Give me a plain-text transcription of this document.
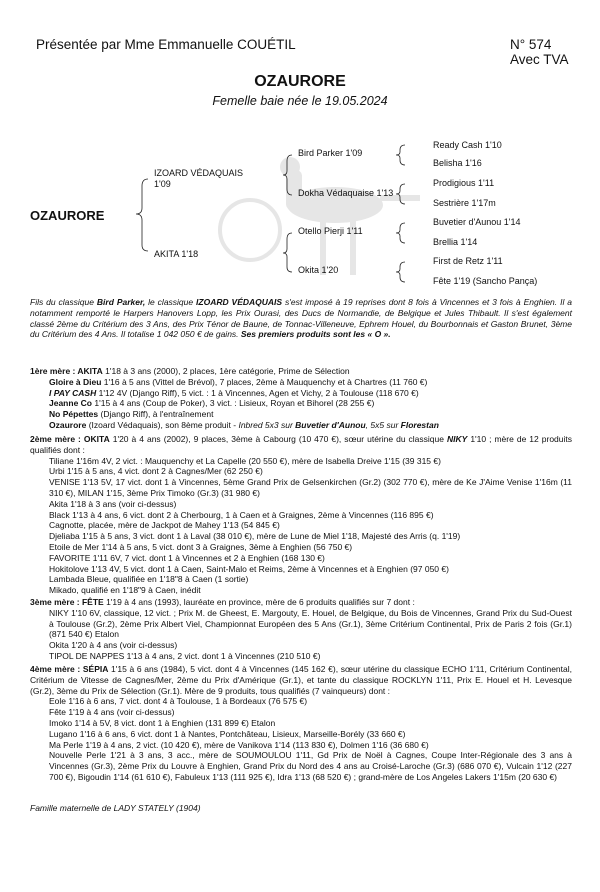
Présentée par Mme Emmanuelle COUÉTIL	N° 574
Avec TVA
OZAURORE
Femelle baie née le 19.05.2024
OZAURORE
IZOARD VÉDAQUAIS
1'09
AKITA 1'18
Bird Parker 1'09
Dokha Védaquaise 1'13
Otello Pierji 1'11
Okita 1'20
Ready Cash 1'10
Belisha 1'16
Prodigious 1'11
Sestrière 1'17m
Buvetier d'Aunou 1'14
Brellia 1'14
First de Retz 1'11
Fête 1'19 (Sancho Pança)
Fils du classique Bird Parker, le classique IZOARD VÉDAQUAIS s'est imposé à 19 reprises dont 8 fois à Vincennes et 3 fois à Enghien. Il a notamment remporté le Harpers Hanovers Lopp, les Prix Ourasi, des Ducs de Normandie, de Belgique et Jules Thibault. Il s'est également classé 2ème du Critérium des 3 Ans, des Prix Ténor de Baune, de Tonnac-Villeneuve, Ephrem Houel, du Bourbonnais et Gaston Brunet, 3ème du Critérium des 4 Ans. Il totalise 1 042 050 € de gains. Ses premiers produits sont les « O ».

1ère mère : AKITA 1'18 à 3 ans (2000), 2 places, 1ère catégorie, Prime de Sélection

Gloire à Dieu 1'16 à 5 ans (Vittel de Brévol), 7 places, 2ème à Mauquenchy et à Chartres (11 760 €)

I PAY CASH 1'12 4V (Django Riff), 5 vict. : 1 à Vincennes, Agen et Vichy, 2 à Toulouse (118 670 €)

Jeanne Co 1'15 à 4 ans (Coup de Poker), 3 vict. : Lisieux, Royan et Bihorel (28 255 €)

No Pépettes (Django Riff), à l'entraînement

Ozaurore (Izoard Védaquais), son 8ème produit - Inbred 5x3 sur Buvetier d'Aunou, 5x5 sur Florestan

2ème mère : OKITA 1'20 à 4 ans (2002), 9 places, 3ème à Cabourg (10 470 €), sœur utérine du classique NIKY 1'10 ; mère de 12 produits qualifiés dont :

Tiliane 1'16m 4V, 2 vict. : Mauquenchy et La Capelle (20 550 €), mère de Isabella Dreive 1'15 (39 315 €)

Urbi 1'15 à 5 ans, 4 vict. dont 2 à Cagnes/Mer (62 250 €)

VENISE 1'13 5V, 17 vict. dont 1 à Vincennes, 5ème Grand Prix de Gelsenkirchen (Gr.2) (302 770 €), mère de Ke J'Aime Venise 1'16m (11 310 €), MILAN 1'15, 3ème Prix Timoko (Gr.3) (31 980 €)

Akita 1'18 à 3 ans (voir ci-dessus)

Black 1'13 à 4 ans, 6 vict. dont 2 à Cherbourg, 1 à Caen et à Graignes, 2ème à Vincennes (116 895 €)

Cagnotte, placée, mère de Jackpot de Mahey 1'13 (54 845 €)

Djeliaba 1'15 à 5 ans, 3 vict. dont 1 à Laval (38 010 €), mère de Lune de Miel 1'18, Majesté des Arris (q. 1'19)

Etoile de Mer 1'14 à 5 ans, 5 vict. dont 3 à Graignes, 3ème à Enghien (56 750 €)

FAVORITE 1'11 6V, 7 vict. dont 1 à Vincennes et 2 à Enghien (168 130 €)

Hokitolove 1'13 4V, 5 vict. dont 1 à Caen, Saint-Malo et Reims, 2ème à Vincennes et à Enghien (97 050 €)

Lambada Bleue, qualifiée en 1'18"8 à Caen (1 sortie)

Mikado, qualifié en 1'18"9 à Caen, inédit

3ème mère : FÊTE 1'19 à 4 ans (1993), lauréate en province, mère de 6 produits qualifiés sur 7 dont :

NIKY 1'10 6V, classique, 12 vict. ; Prix M. de Gheest, E. Margouty, E. Houel, de Belgique, du Bois de Vincennes, Grand Prix du Sud-Ouest à Toulouse (Gr.2), 2ème Prix Albert Viel, Championnat Européen des 5 Ans (Gr.1), 3ème Critérium Continental, Prix de Paris 2 fois (Gr.1) (871 540 €) Etalon

Okita 1'20 à 4 ans (voir ci-dessus)

TIPOL DE NAPPES 1'13 à 4 ans, 2 vict. dont 1 à Vincennes (210 510 €)

4ème mère : SÉPIA 1'15 à 6 ans (1984), 5 vict. dont 4 à Vincennes (145 162 €), sœur utérine du classique ECHO 1'11, Critérium Continental, Critérium de Vitesse de Cagnes/Mer, 2ème du Prix d'Amérique (Gr.1), et tante du classique ROCKLYN 1'11, Prix E. Houel et H. Levesque (Gr.2), 3ème du Prix de Sélection (Gr.1). Mère de 9 produits, tous qualifiés (7 vainqueurs) dont :

Eole 1'16 à 6 ans, 7 vict. dont 4 à Toulouse, 1 à Bordeaux (76 575 €)

Fête 1'19 à 4 ans (voir ci-dessus)

Imoko 1'14 à 5V, 8 vict. dont 1 à Enghien (131 899 €) Etalon

Lugano 1'16 à 6 ans, 6 vict. dont 1 à Nantes, Pontchâteau, Lisieux, Marseille-Borély (33 660 €)

Ma Perle 1'19 à 4 ans, 2 vict. (10 420 €), mère de Vanikova 1'14 (113 830 €), Dolmen 1'16 (36 680 €)

Nouvelle Perle 1'21 à 3 ans, 3 acc., mère de SOUMOULOU 1'11, Gd Prix de Noël à Cagnes, Coupe Inter-Régionale des 3 ans à Vincennes (Gr.3), 2ème Prix du Louvre à Enghien, Grand Prix du Nord des 4 ans au Croisé-Laroche (Gr.3) (686 070 €), Vulcain 1'12 (227 700 €), Bigoudin 1'14 (61 610 €), Fabuleux 1'13 (111 925 €), Idra 1'13 (68 520 €) ; grand-mère de Los Angeles Lakers 1'15m (20 630 €)

Famille maternelle de LADY STATELY (1904)
